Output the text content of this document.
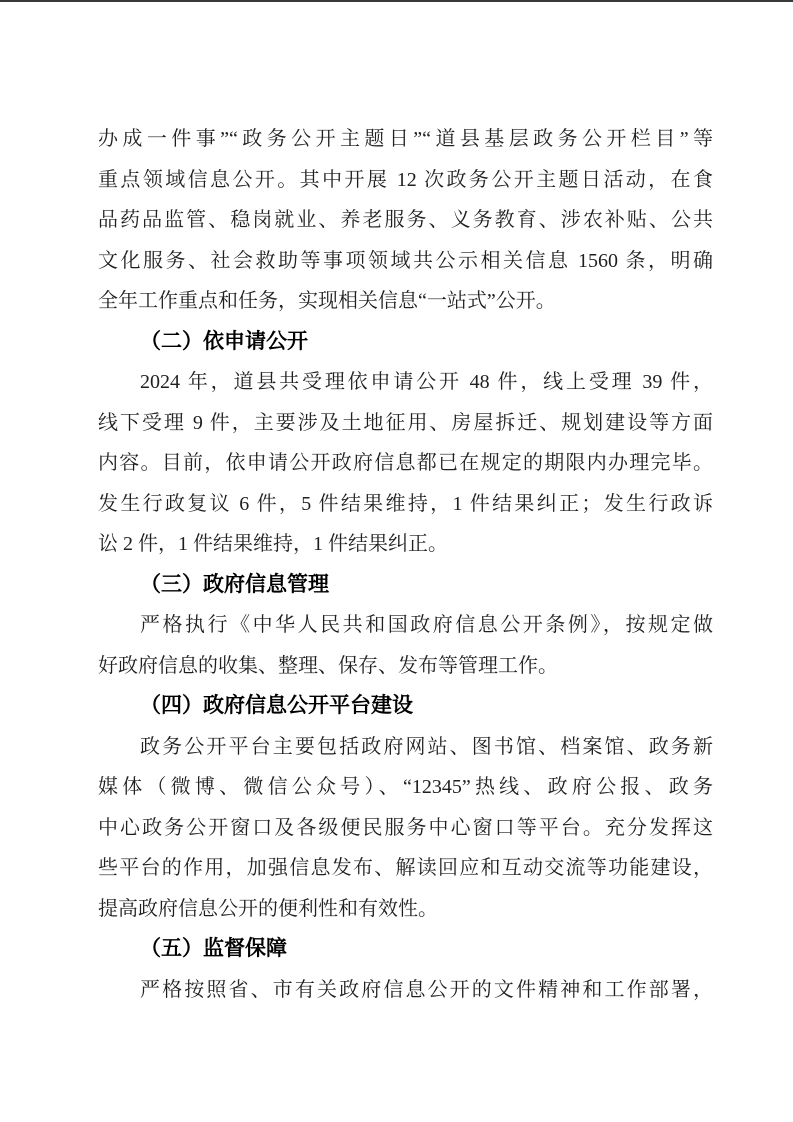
办成一件事”“政务公开主题日”“道县基层政务公开栏目”等
重点领域信息公开。其中开展 12 次政务公开主题日活动，在食
品药品监管、稳岗就业、养老服务、义务教育、涉农补贴、公共
文化服务、社会救助等事项领域共公示相关信息 1560 条，明确
全年工作重点和任务，实现相关信息“一站式”公开。
（二）依申请公开
2024 年，道县共受理依申请公开 48 件，线上受理 39 件，
线下受理 9 件，主要涉及土地征用、房屋拆迁、规划建设等方面
内容。目前，依申请公开政府信息都已在规定的期限内办理完毕。
发生行政复议 6 件，5 件结果维持，1 件结果纠正；发生行政诉
讼 2 件，1 件结果维持，1 件结果纠正。
（三）政府信息管理
严格执行《中华人民共和国政府信息公开条例》，按规定做
好政府信息的收集、整理、保存、发布等管理工作。
（四）政府信息公开平台建设
政务公开平台主要包括政府网站、图书馆、档案馆、政务新
媒体（微博、微信公众号）、“12345”热线、政府公报、政务
中心政务公开窗口及各级便民服务中心窗口等平台。充分发挥这
些平台的作用，加强信息发布、解读回应和互动交流等功能建设，
提高政府信息公开的便利性和有效性。
（五）监督保障
严格按照省、市有关政府信息公开的文件精神和工作部署，
